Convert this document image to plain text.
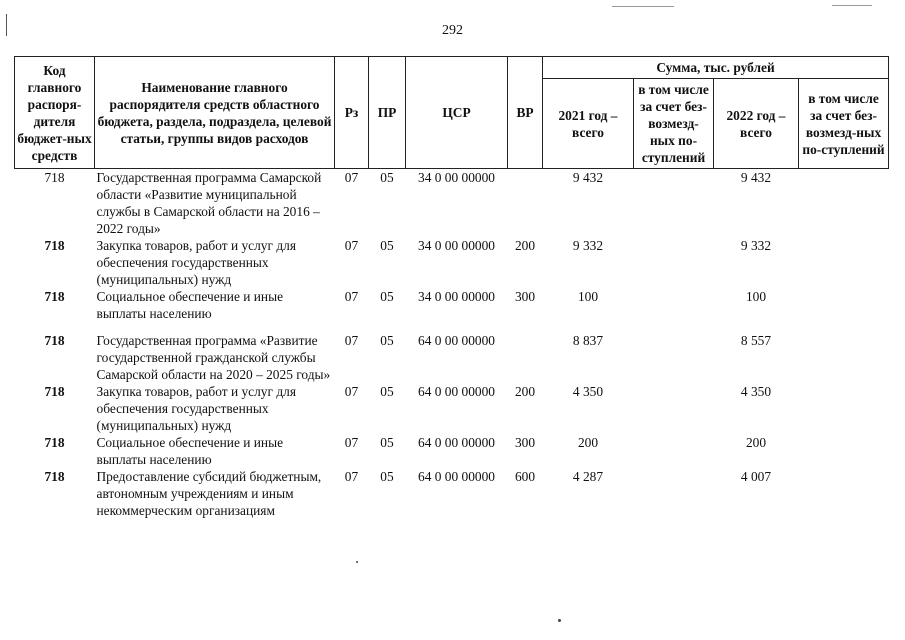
292
Код главного распоря-дителя бюджет-ных средств	Наименование главного распорядителя средств областного бюджета, раздела, подраздела, целевой статьи, группы видов расходов	Рз	ПР	ЦСР	ВР	Сумма, тыс. рублей			
						2021 год – всего	в том числе за счет без-возмезд-ных по-ступлений	2022 год – всего	в том числе за счет без-возмезд-ных по-ступлений
718	Государственная программа Самарской области «Развитие муниципальной службы в Самарской области на 2016 – 2022 годы»	07	05	34 0 00 00000		9 432		9 432	
718	Закупка товаров, работ и услуг для обеспечения государственных (муниципальных) нужд	07	05	34 0 00 00000	200	9 332		9 332	
718	Социальное обеспечение и иные выплаты населению	07	05	34 0 00 00000	300	100		100	
718	Государственная программа «Развитие государственной гражданской службы Самарской области на 2020 – 2025 годы»	07	05	64 0 00 00000		8 837		8 557	
718	Закупка товаров, работ и услуг для обеспечения государственных (муниципальных) нужд	07	05	64 0 00 00000	200	4 350		4 350	
718	Социальное обеспечение и иные выплаты населению	07	05	64 0 00 00000	300	200		200	
718	Предоставление субсидий бюджетным, автономным учреждениям и иным некоммерческим организациям	07	05	64 0 00 00000	600	4 287		4 007	
